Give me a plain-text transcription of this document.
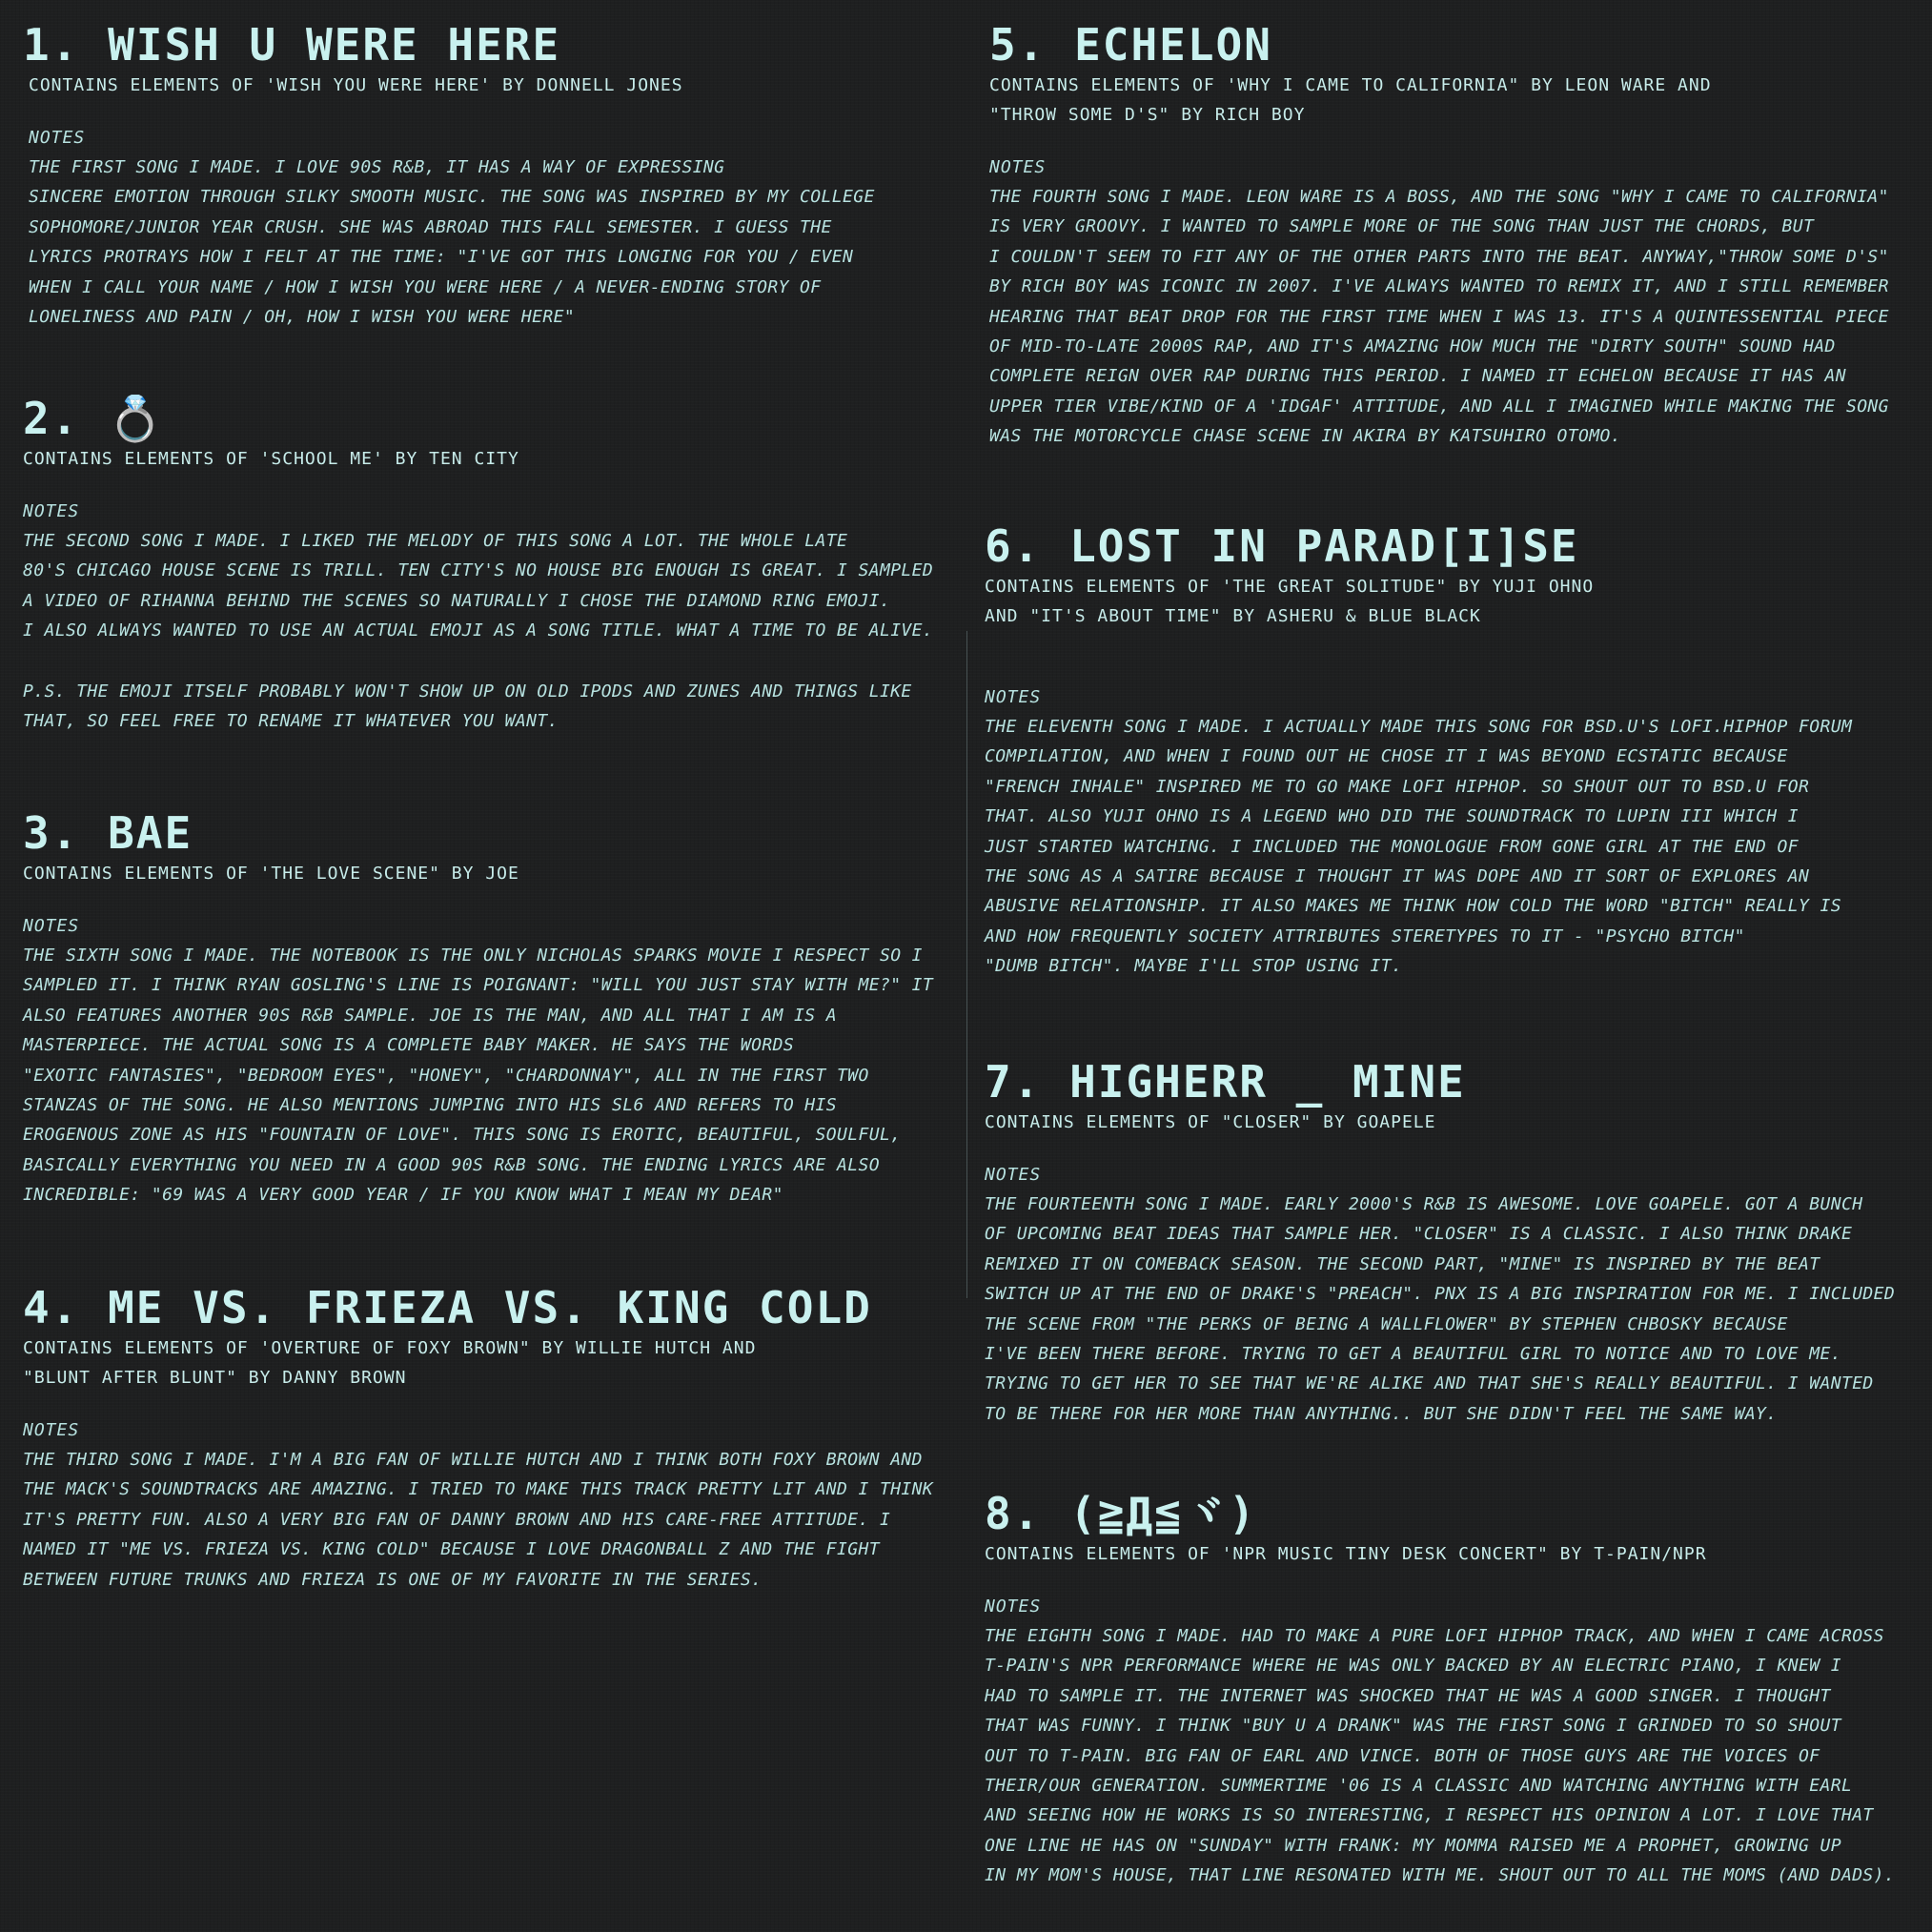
1. WISH U WERE HERE
CONTAINS ELEMENTS OF 'WISH YOU WERE HERE' BY DONNELL JONES
NOTES
THE FIRST SONG I MADE. I LOVE 90S R&B, IT HAS A WAY OF EXPRESSING
SINCERE EMOTION THROUGH SILKY SMOOTH MUSIC. THE SONG WAS INSPIRED BY MY COLLEGE
SOPHOMORE/JUNIOR YEAR CRUSH. SHE WAS ABROAD THIS FALL SEMESTER. I GUESS THE
LYRICS PROTRAYS HOW I FELT AT THE TIME: "I'VE GOT THIS LONGING FOR YOU / EVEN
WHEN I CALL YOUR NAME / HOW I WISH YOU WERE HERE / A NEVER-ENDING STORY OF
LONELINESS AND PAIN / OH, HOW I WISH YOU WERE HERE"
2. 💍
CONTAINS ELEMENTS OF 'SCHOOL ME' BY TEN CITY
NOTES
THE SECOND SONG I MADE. I LIKED THE MELODY OF THIS SONG A LOT. THE WHOLE LATE
80'S CHICAGO HOUSE SCENE IS TRILL. TEN CITY'S NO HOUSE BIG ENOUGH IS GREAT. I SAMPLED
A VIDEO OF RIHANNA BEHIND THE SCENES SO NATURALLY I CHOSE THE DIAMOND RING EMOJI.
I ALSO ALWAYS WANTED TO USE AN ACTUAL EMOJI AS A SONG TITLE. WHAT A TIME TO BE ALIVE.
P.S. THE EMOJI ITSELF PROBABLY WON'T SHOW UP ON OLD IPODS AND ZUNES AND THINGS LIKE
THAT, SO FEEL FREE TO RENAME IT WHATEVER YOU WANT.
3. BAE
CONTAINS ELEMENTS OF 'THE LOVE SCENE" BY JOE
NOTES
THE SIXTH SONG I MADE. THE NOTEBOOK IS THE ONLY NICHOLAS SPARKS MOVIE I RESPECT SO I
SAMPLED IT. I THINK RYAN GOSLING'S LINE IS POIGNANT: "WILL YOU JUST STAY WITH ME?" IT
ALSO FEATURES ANOTHER 90S R&B SAMPLE. JOE IS THE MAN, AND ALL THAT I AM IS A
MASTERPIECE. THE ACTUAL SONG IS A COMPLETE BABY MAKER. HE SAYS THE WORDS
"EXOTIC FANTASIES", "BEDROOM EYES", "HONEY", "CHARDONNAY", ALL IN THE FIRST TWO
STANZAS OF THE SONG. HE ALSO MENTIONS JUMPING INTO HIS SL6 AND REFERS TO HIS
EROGENOUS ZONE AS HIS "FOUNTAIN OF LOVE". THIS SONG IS EROTIC, BEAUTIFUL, SOULFUL,
BASICALLY EVERYTHING YOU NEED IN A GOOD 90S R&B SONG. THE ENDING LYRICS ARE ALSO
INCREDIBLE: "69 WAS A VERY GOOD YEAR / IF YOU KNOW WHAT I MEAN MY DEAR"
4. ME VS. FRIEZA VS. KING COLD
CONTAINS ELEMENTS OF 'OVERTURE OF FOXY BROWN" BY WILLIE HUTCH AND
"BLUNT AFTER BLUNT" BY DANNY BROWN
NOTES
THE THIRD SONG I MADE. I'M A BIG FAN OF WILLIE HUTCH AND I THINK BOTH FOXY BROWN AND
THE MACK'S SOUNDTRACKS ARE AMAZING. I TRIED TO MAKE THIS TRACK PRETTY LIT AND I THINK
IT'S PRETTY FUN. ALSO A VERY BIG FAN OF DANNY BROWN AND HIS CARE-FREE ATTITUDE. I
NAMED IT "ME VS. FRIEZA VS. KING COLD" BECAUSE I LOVE DRAGONBALL Z AND THE FIGHT
BETWEEN FUTURE TRUNKS AND FRIEZA IS ONE OF MY FAVORITE IN THE SERIES.
5. ECHELON
CONTAINS ELEMENTS OF 'WHY I CAME TO CALIFORNIA" BY LEON WARE AND
"THROW SOME D'S" BY RICH BOY
NOTES
THE FOURTH SONG I MADE. LEON WARE IS A BOSS, AND THE SONG "WHY I CAME TO CALIFORNIA"
IS VERY GROOVY. I WANTED TO SAMPLE MORE OF THE SONG THAN JUST THE CHORDS, BUT
I COULDN'T SEEM TO FIT ANY OF THE OTHER PARTS INTO THE BEAT. ANYWAY,"THROW SOME D'S"
BY RICH BOY WAS ICONIC IN 2007. I'VE ALWAYS WANTED TO REMIX IT, AND I STILL REMEMBER
HEARING THAT BEAT DROP FOR THE FIRST TIME WHEN I WAS 13. IT'S A QUINTESSENTIAL PIECE
OF MID-TO-LATE 2000S RAP, AND IT'S AMAZING HOW MUCH THE "DIRTY SOUTH" SOUND HAD
COMPLETE REIGN OVER RAP DURING THIS PERIOD. I NAMED IT ECHELON BECAUSE IT HAS AN
UPPER TIER VIBE/KIND OF A 'IDGAF' ATTITUDE, AND ALL I IMAGINED WHILE MAKING THE SONG
WAS THE MOTORCYCLE CHASE SCENE IN AKIRA BY KATSUHIRO OTOMO.
6. LOST IN PARAD[I]SE
CONTAINS ELEMENTS OF 'THE GREAT SOLITUDE" BY YUJI OHNO
AND "IT'S ABOUT TIME" BY ASHERU & BLUE BLACK
NOTES
THE ELEVENTH SONG I MADE. I ACTUALLY MADE THIS SONG FOR BSD.U'S LOFI.HIPHOP FORUM
COMPILATION, AND WHEN I FOUND OUT HE CHOSE IT I WAS BEYOND ECSTATIC BECAUSE
"FRENCH INHALE" INSPIRED ME TO GO MAKE LOFI HIPHOP. SO SHOUT OUT TO BSD.U FOR
THAT. ALSO YUJI OHNO IS A LEGEND WHO DID THE SOUNDTRACK TO LUPIN III WHICH I
JUST STARTED WATCHING. I INCLUDED THE MONOLOGUE FROM GONE GIRL AT THE END OF
THE SONG AS A SATIRE BECAUSE I THOUGHT IT WAS DOPE AND IT SORT OF EXPLORES AN
ABUSIVE RELATIONSHIP. IT ALSO MAKES ME THINK HOW COLD THE WORD "BITCH" REALLY IS
AND HOW FREQUENTLY SOCIETY ATTRIBUTES STERETYPES TO IT - "PSYCHO BITCH"
"DUMB BITCH". MAYBE I'LL STOP USING IT.
7. HIGHERR _ MINE
CONTAINS ELEMENTS OF "CLOSER" BY GOAPELE
NOTES
THE FOURTEENTH SONG I MADE. EARLY 2000'S R&B IS AWESOME. LOVE GOAPELE. GOT A BUNCH
OF UPCOMING BEAT IDEAS THAT SAMPLE HER. "CLOSER" IS A CLASSIC. I ALSO THINK DRAKE
REMIXED IT ON COMEBACK SEASON. THE SECOND PART, "MINE" IS INSPIRED BY THE BEAT
SWITCH UP AT THE END OF DRAKE'S "PREACH". PNX IS A BIG INSPIRATION FOR ME. I INCLUDED
THE SCENE FROM "THE PERKS OF BEING A WALLFLOWER" BY STEPHEN CHBOSKY BECAUSE
I'VE BEEN THERE BEFORE. TRYING TO GET A BEAUTIFUL GIRL TO NOTICE AND TO LOVE ME.
TRYING TO GET HER TO SEE THAT WE'RE ALIKE AND THAT SHE'S REALLY BEAUTIFUL. I WANTED
TO BE THERE FOR HER MORE THAN ANYTHING.. BUT SHE DIDN'T FEEL THE SAME WAY.
8. (≧Д≦ヾ)
CONTAINS ELEMENTS OF 'NPR MUSIC TINY DESK CONCERT" BY T-PAIN/NPR
NOTES
THE EIGHTH SONG I MADE. HAD TO MAKE A PURE LOFI HIPHOP TRACK, AND WHEN I CAME ACROSS
T-PAIN'S NPR PERFORMANCE WHERE HE WAS ONLY BACKED BY AN ELECTRIC PIANO, I KNEW I
HAD TO SAMPLE IT. THE INTERNET WAS SHOCKED THAT HE WAS A GOOD SINGER. I THOUGHT
THAT WAS FUNNY. I THINK "BUY U A DRANK" WAS THE FIRST SONG I GRINDED TO SO SHOUT
OUT TO T-PAIN. BIG FAN OF EARL AND VINCE. BOTH OF THOSE GUYS ARE THE VOICES OF
THEIR/OUR GENERATION. SUMMERTIME '06 IS A CLASSIC AND WATCHING ANYTHING WITH EARL
AND SEEING HOW HE WORKS IS SO INTERESTING, I RESPECT HIS OPINION A LOT. I LOVE THAT
ONE LINE HE HAS ON "SUNDAY" WITH FRANK: MY MOMMA RAISED ME A PROPHET, GROWING UP
IN MY MOM'S HOUSE, THAT LINE RESONATED WITH ME. SHOUT OUT TO ALL THE MOMS (AND DADS).
